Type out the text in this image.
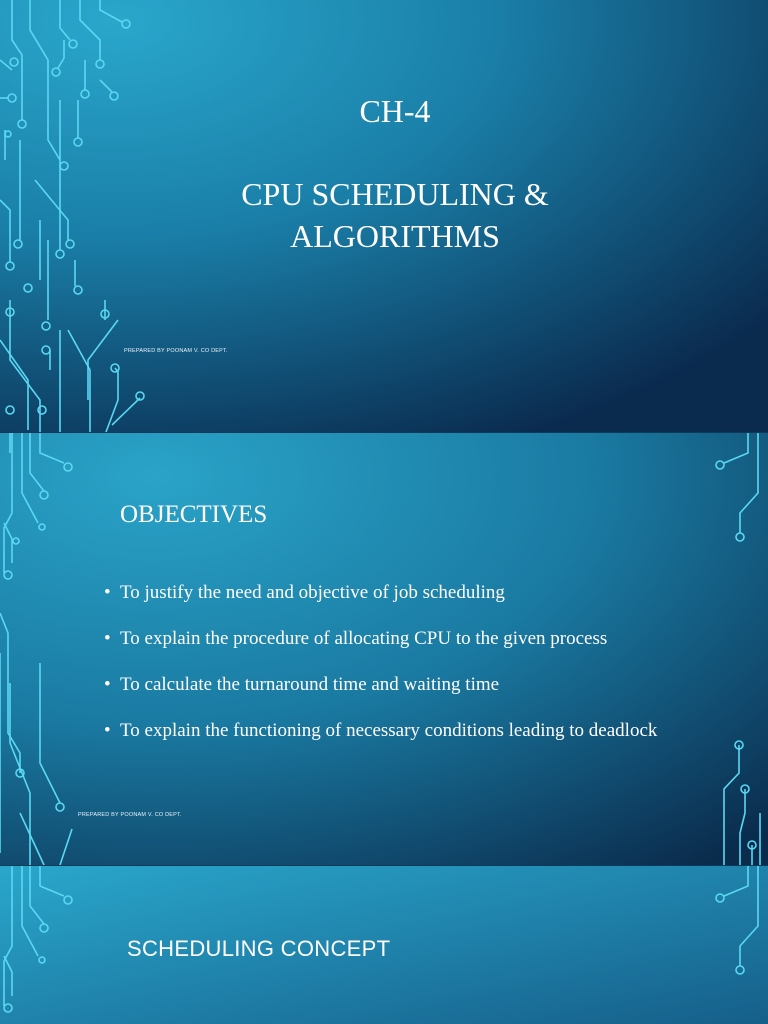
CH-4
CPU SCHEDULING &
ALGORITHMS
PREPARED BY POONAM V. CO DEPT.
OBJECTIVES
• To justify the need and objective of job scheduling
• To explain the procedure of allocating CPU to the given process
• To calculate the turnaround time and waiting time
• To explain the functioning of necessary conditions leading to deadlock
PREPARED BY POONAM V. CO DEPT.
SCHEDULING CONCEPT
